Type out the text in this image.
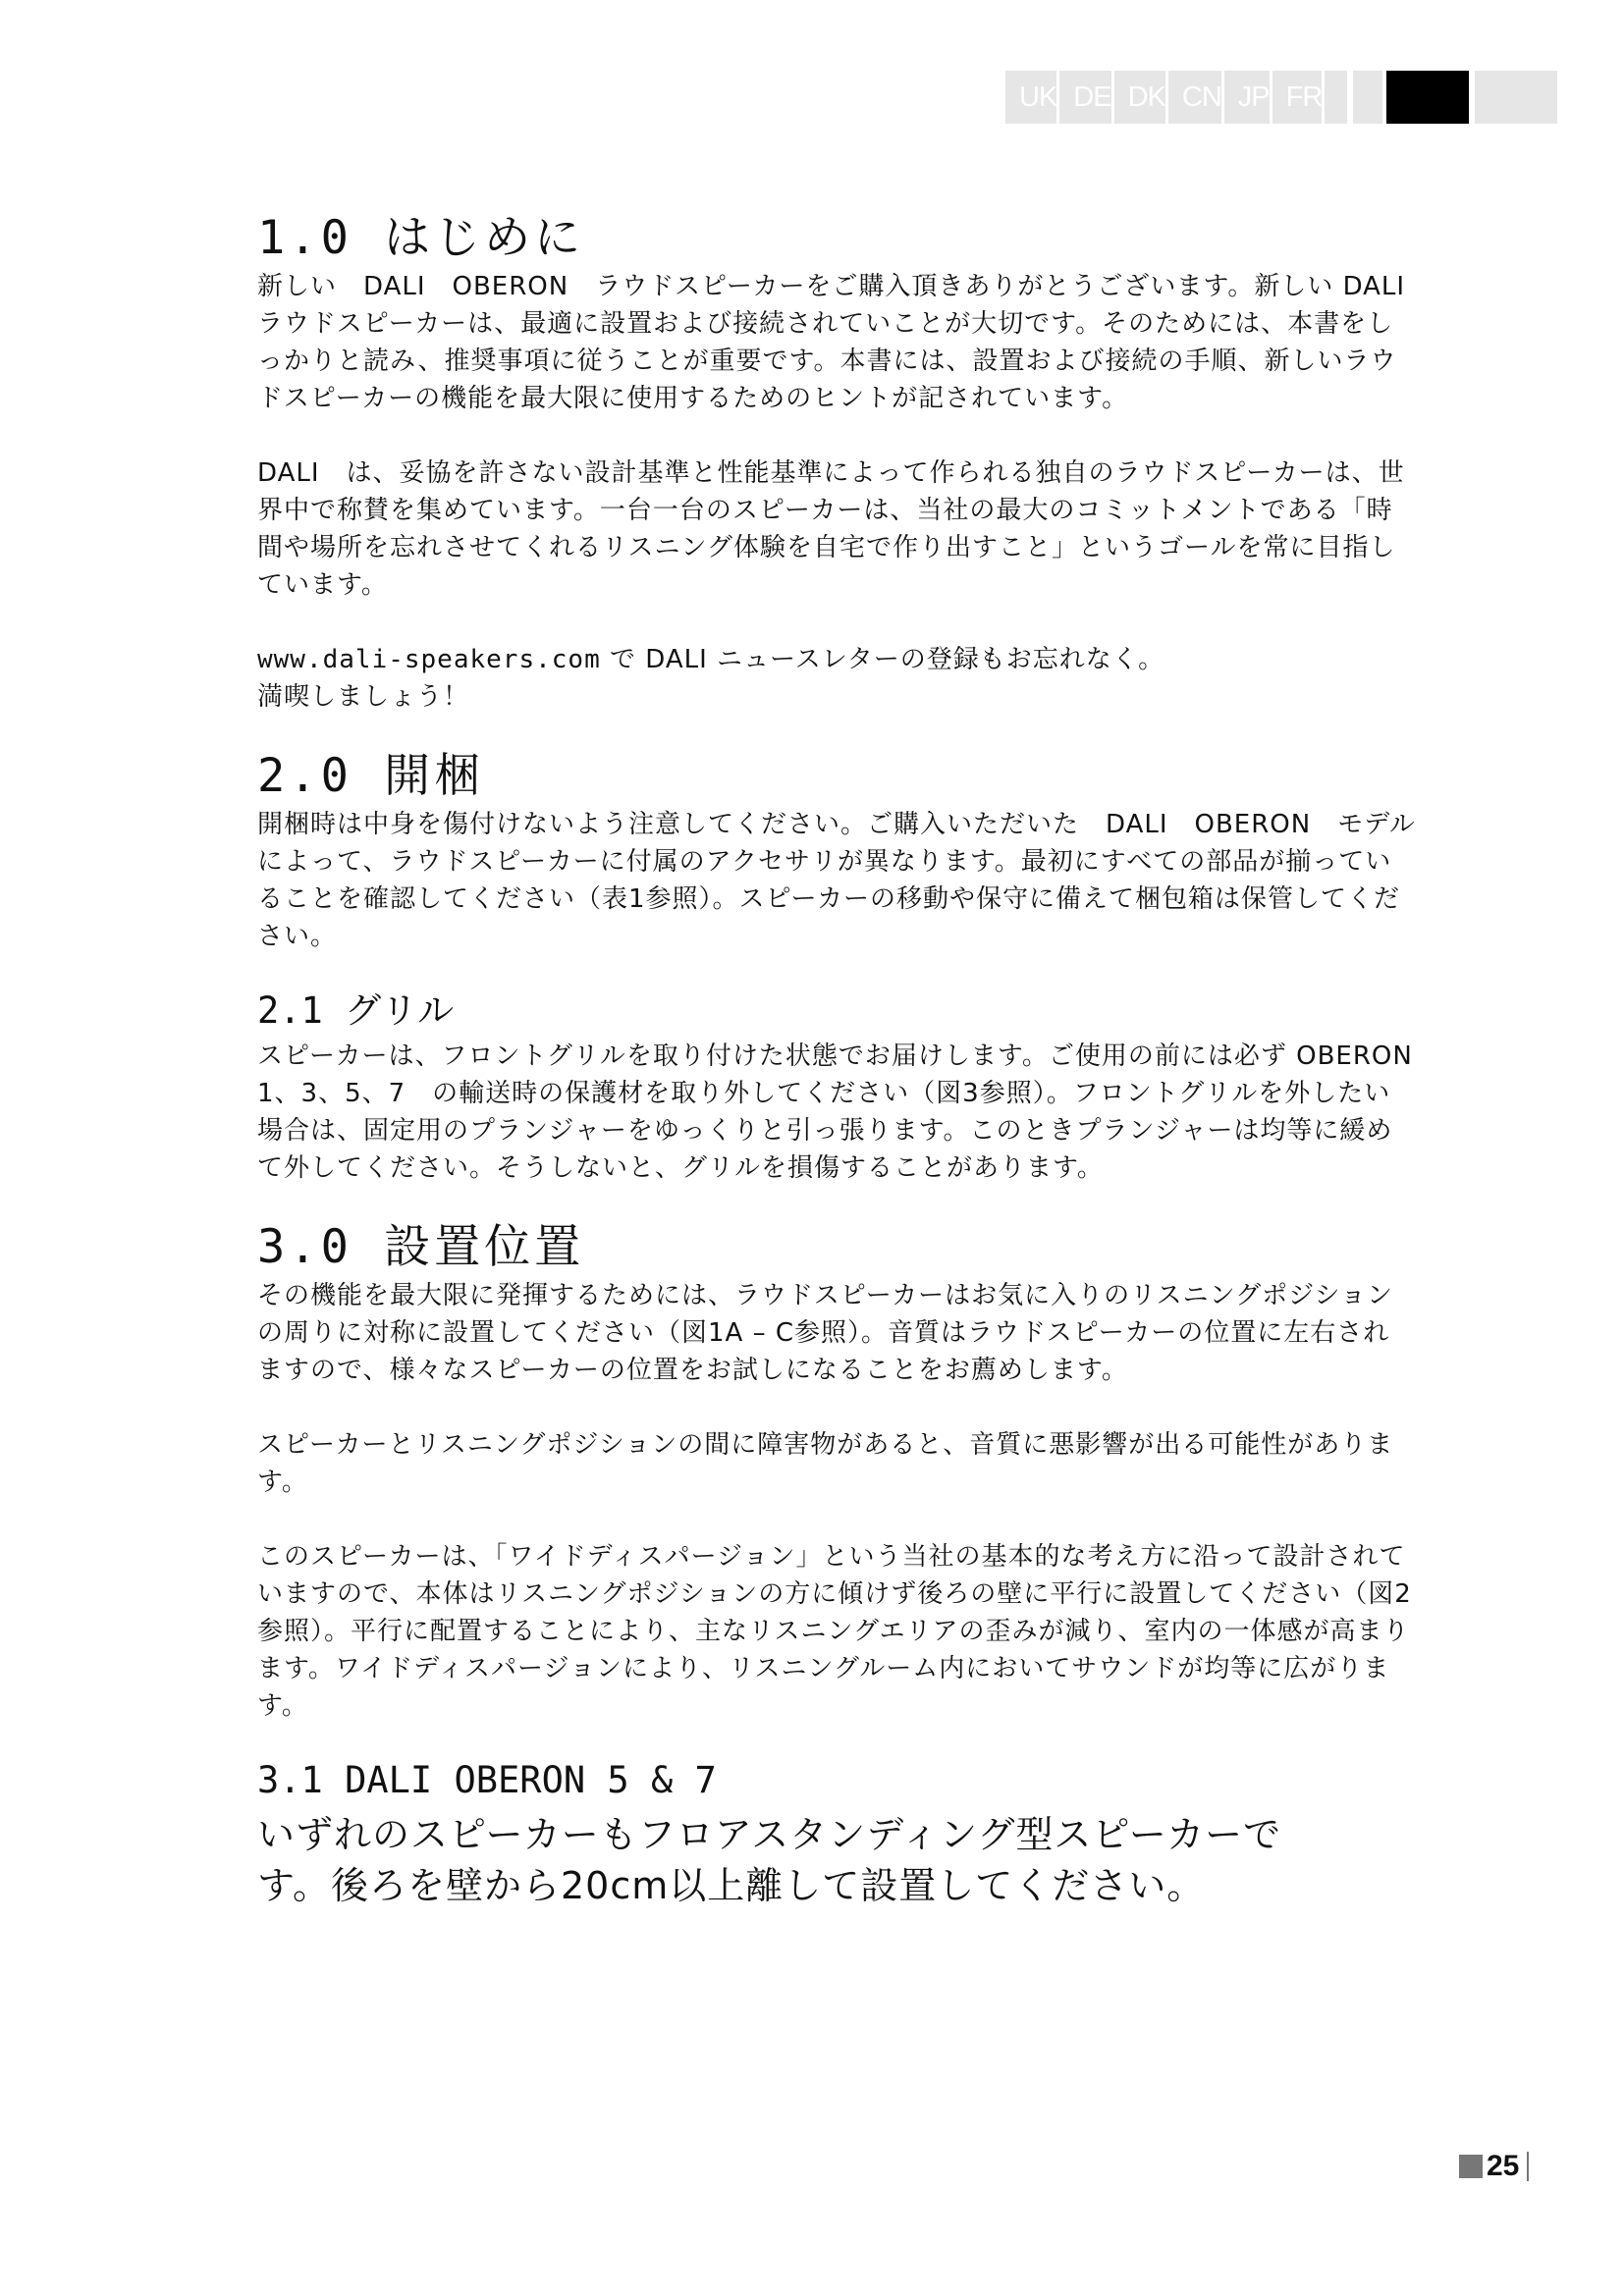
UK DE DK CN JP FR
1.0 はじめに

新しい　DALI　OBERON　ラウドスピーカーをご購入頂きありがとうございます。新しい DALI　ラウドスピーカーは、最適に設置および接続されていことが大切です。そのためには、本書をしっかりと読み、推奨事項に従うことが重要です。本書には、設置および接続の手順、新しいラウドスピーカーの機能を最大限に使用するためのヒントが記されています。

DALI　は、妥協を許さない設計基準と性能基準によって作られる独自のラウドスピーカーは、世界中で称賛を集めています。一台一台のスピーカーは、当社の最大のコミットメントである「時間や場所を忘れさせてくれるリスニング体験を自宅で作り出すこと」というゴールを常に目指しています。

www.dali-speakers.com で DALI ニュースレターの登録もお忘れなく。
満喫しましょう！

2.0 開梱

開梱時は中身を傷付けないよう注意してください。ご購入いただいた　DALI　OBERON　モデルによって、ラウドスピーカーに付属のアクセサリが異なります。最初にすべての部品が揃っていることを確認してください（表1参照）。スピーカーの移動や保守に備えて梱包箱は保管してください。

2.1 グリル

スピーカーは、フロントグリルを取り付けた状態でお届けします。ご使用の前には必ず OBERON　1、3、5、7　の輸送時の保護材を取り外してください（図3参照）。フロントグリルを外したい場合は、固定用のプランジャーをゆっくりと引っ張ります。このときプランジャーは均等に緩めて外してください。そうしないと、グリルを損傷することがあります。

3.0 設置位置

その機能を最大限に発揮するためには、ラウドスピーカーはお気に入りのリスニングポジションの周りに対称に設置してください（図1A – C参照）。音質はラウドスピーカーの位置に左右されますので、様々なスピーカーの位置をお試しになることをお薦めします。

スピーカーとリスニングポジションの間に障害物があると、音質に悪影響が出る可能性があります。

このスピーカーは、「ワイドディスパージョン」という当社の基本的な考え方に沿って設計されていますので、本体はリスニングポジションの方に傾けず後ろの壁に平行に設置してください（図2参照）。平行に配置することにより、主なリスニングエリアの歪みが減り、室内の一体感が高まります。ワイドディスパージョンにより、リスニングルーム内においてサウンドが均等に広がります。

3.1 DALI OBERON 5 & 7

いずれのスピーカーもフロアスタンディング型スピーカーです。後ろを壁から20cm以上離して設置してください。

25
